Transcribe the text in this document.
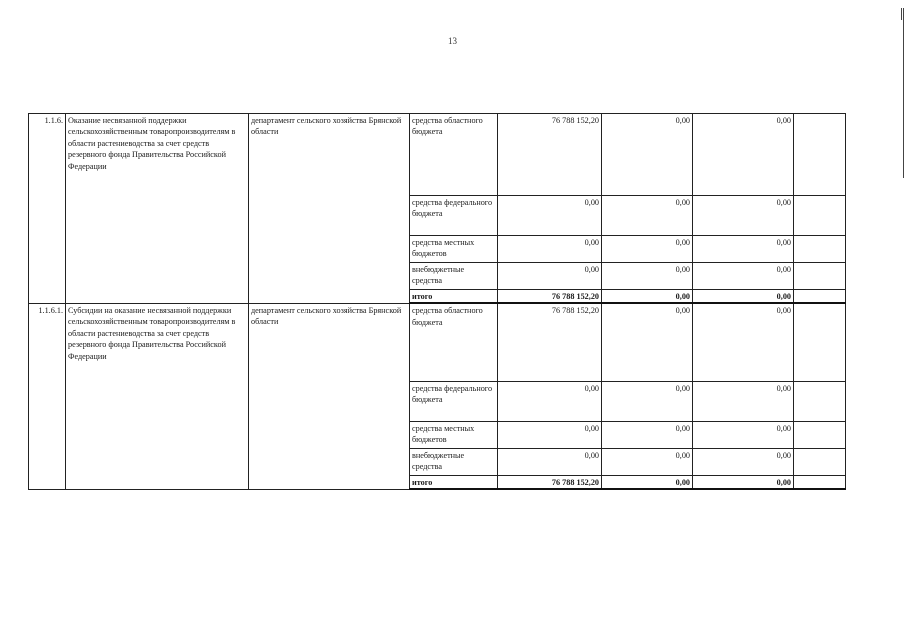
13
1.1.6.	Оказание несвязанной поддержки сельскохозяйственным товаропроизводителям в области растениеводства за счет средств резервного фонда Правительства Российской Федерации	департамент сельского хозяйства Брянской области	средства областного бюджета	76 788 152,20	0,00	0,00	
			средства федерального бюджета	0,00	0,00	0,00	
			средства местных бюджетов	0,00	0,00	0,00	
			внебюджетные средства	0,00	0,00	0,00	
			итого	76 788 152,20	0,00	0,00	
1.1.6.1.	Субсидии на оказание несвязанной поддержки сельскохозяйственным товаропроизводителям в области растениеводства за счет средств резервного фонда Правительства Российской Федерации	департамент сельского хозяйства Брянской области	средства областного бюджета	76 788 152,20	0,00	0,00	
			средства федерального бюджета	0,00	0,00	0,00	
			средства местных бюджетов	0,00	0,00	0,00	
			внебюджетные средства	0,00	0,00	0,00	
			итого	76 788 152,20	0,00	0,00	
